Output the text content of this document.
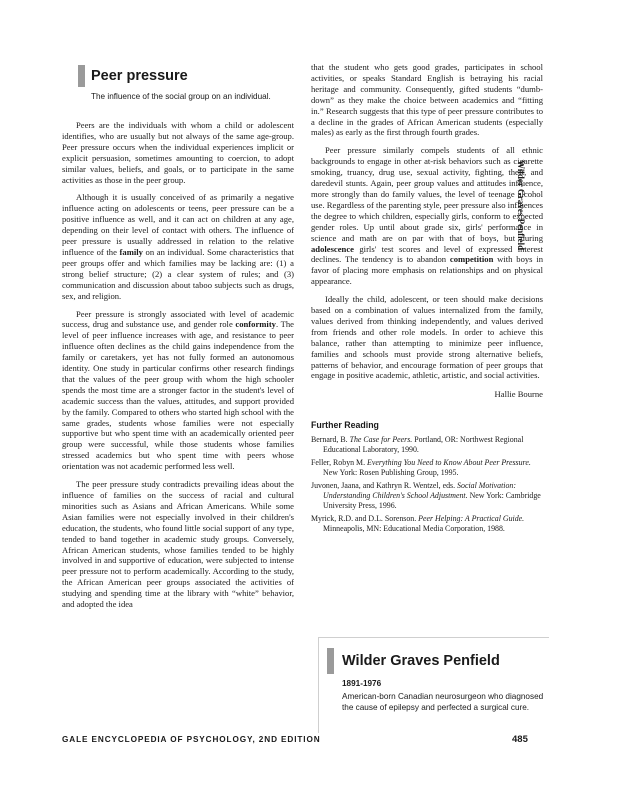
Wilder Graves Penfield
Peer pressure
The influence of the social group on an individual.

Peers are the individuals with whom a child or adolescent identifies, who are usually but not always of the same age-group. Peer pressure occurs when the individual experiences implicit or explicit persuasion, sometimes amounting to coercion, to adopt similar values, beliefs, and goals, or to participate in the same activities as those in the peer group.

Although it is usually conceived of as primarily a negative influence acting on adolescents or teens, peer pressure can be a positive influence as well, and it can act on children at any age, depending on their level of contact with others. The influence of peer pressure is usually addressed in relation to the relative influence of the family on an individual. Some characteristics that peer groups offer and which families may be lacking are: (1) a strong belief structure; (2) a clear system of rules; and (3) communication and discussion about taboo subjects such as drugs, sex, and religion.

Peer pressure is strongly associated with level of academic success, drug and substance use, and gender role conformity. The level of peer influence increases with age, and resistance to peer influence often declines as the child gains independence from the family or caretakers, yet has not fully formed an autonomous identity. One study in particular confirms other research findings that the values of the peer group with whom the high schooler spends the most time are a stronger factor in the student's level of academic success than the values, attitudes, and support provided by the family. Compared to others who started high school with the same grades, students whose families were not especially supportive but who spent time with an academically oriented peer group were successful, while those students whose families stressed academics but who spent time with peers whose orientation was not academic performed less well.

The peer pressure study contradicts prevailing ideas about the influence of families on the success of racial and cultural minorities such as Asians and African Americans. While some Asian families were not especially involved in their children's education, the students, who found little social support of any type, tended to band together in academic study groups. Conversely, African American students, whose families tended to be highly involved in and supportive of education, were subjected to intense peer pressure not to perform academically. According to the study, the African American peer groups associated the activities of studying and spending time at the library with “white” behavior, and adopted the idea

that the student who gets good grades, participates in school activities, or speaks Standard English is betraying his racial heritage and community. Consequently, gifted students “dumb-down” as they make the choice between academics and “fitting in.” Research suggests that this type of peer pressure contributes to a decline in the grades of African American students (especially males) as early as the first through fourth grades.

Peer pressure similarly compels students of all ethnic backgrounds to engage in other at-risk behaviors such as cigarette smoking, truancy, drug use, sexual activity, fighting, theft, and daredevil stunts. Again, peer group values and attitudes influence, more strongly than do family values, the level of teenage alcohol use. Regardless of the parenting style, peer pressure also influences the degree to which children, especially girls, conform to expected gender roles. Up until about grade six, girls' performance in science and math are on par with that of boys, but during adolescence girls' test scores and level of expressed interest declines. The tendency is to abandon competition with boys in favor of placing more emphasis on relationships and on physical appearance.

Ideally the child, adolescent, or teen should make decisions based on a combination of values internalized from the family, values derived from thinking independently, and values derived from friends and other role models. In order to achieve this balance, rather than attempting to minimize peer influence, families and schools must provide strong alternative beliefs, patterns of behavior, and encourage formation of peer groups that engage in positive academic, athletic, artistic, and social activities.

Hallie Bourne
Further Reading
Bernard, B. The Case for Peers. Portland, OR: Northwest Regional Educational Laboratory, 1990.
Feller, Robyn M. Everything You Need to Know About Peer Pressure. New York: Rosen Publishing Group, 1995.
Juvonen, Jaana, and Kathryn R. Wentzel, eds. Social Motivation: Understanding Children's School Adjustment. New York: Cambridge University Press, 1996.
Myrick, R.D. and D.L. Sorenson. Peer Helping: A Practical Guide. Minneapolis, MN: Educational Media Corporation, 1988.
Wilder Graves Penfield
1891-1976
American-born Canadian neurosurgeon who diagnosed the cause of epilepsy and perfected a surgical cure.
GALE ENCYCLOPEDIA OF PSYCHOLOGY, 2ND EDITION	485
